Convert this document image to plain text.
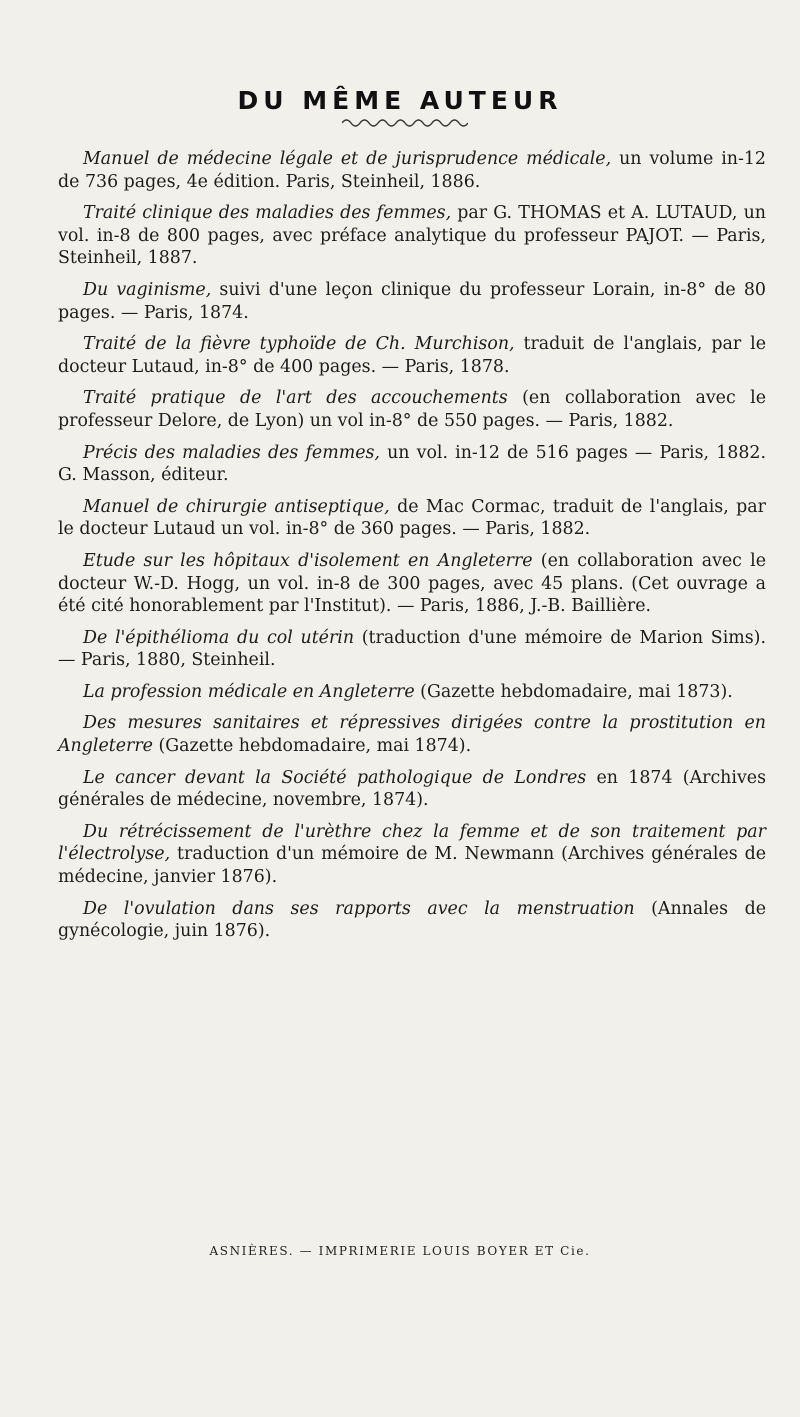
DU MÊME AUTEUR

Manuel de médecine légale et de jurisprudence médicale, un volume in-12 de 736 pages, 4e édition. Paris, Steinheil, 1886.

Traité clinique des maladies des femmes, par G. THOMAS et A. LUTAUD, un vol. in-8 de 800 pages, avec préface analytique du professeur PAJOT. — Paris, Steinheil, 1887.

Du vaginisme, suivi d'une leçon clinique du professeur Lorain, in-8° de 80 pages. — Paris, 1874.

Traité de la fièvre typhoïde de Ch. Murchison, traduit de l'anglais, par le docteur Lutaud, in-8° de 400 pages. — Paris, 1878.

Traité pratique de l'art des accouchements (en collaboration avec le professeur Delore, de Lyon) un vol in-8° de 550 pages. — Paris, 1882.

Précis des maladies des femmes, un vol. in-12 de 516 pages — Paris, 1882. G. Masson, éditeur.

Manuel de chirurgie antiseptique, de Mac Cormac, traduit de l'anglais, par le docteur Lutaud un vol. in-8° de 360 pages. — Paris, 1882.

Etude sur les hôpitaux d'isolement en Angleterre (en collaboration avec le docteur W.-D. Hogg, un vol. in-8 de 300 pages, avec 45 plans. (Cet ouvrage a été cité honorablement par l'Institut). — Paris, 1886, J.-B. Baillière.

De l'épithélioma du col utérin (traduction d'une mémoire de Marion Sims). — Paris, 1880, Steinheil.

La profession médicale en Angleterre (Gazette hebdomadaire, mai 1873).

Des mesures sanitaires et répressives dirigées contre la prostitution en Angleterre (Gazette hebdomadaire, mai 1874).

Le cancer devant la Société pathologique de Londres en 1874 (Archives générales de médecine, novembre, 1874).

Du rétrécissement de l'urèthre chez la femme et de son traitement par l'électrolyse, traduction d'un mémoire de M. Newmann (Archives générales de médecine, janvier 1876).

De l'ovulation dans ses rapports avec la menstruation (Annales de gynécologie, juin 1876).

ASNIÈRES. — IMPRIMERIE LOUIS BOYER ET Cie.
